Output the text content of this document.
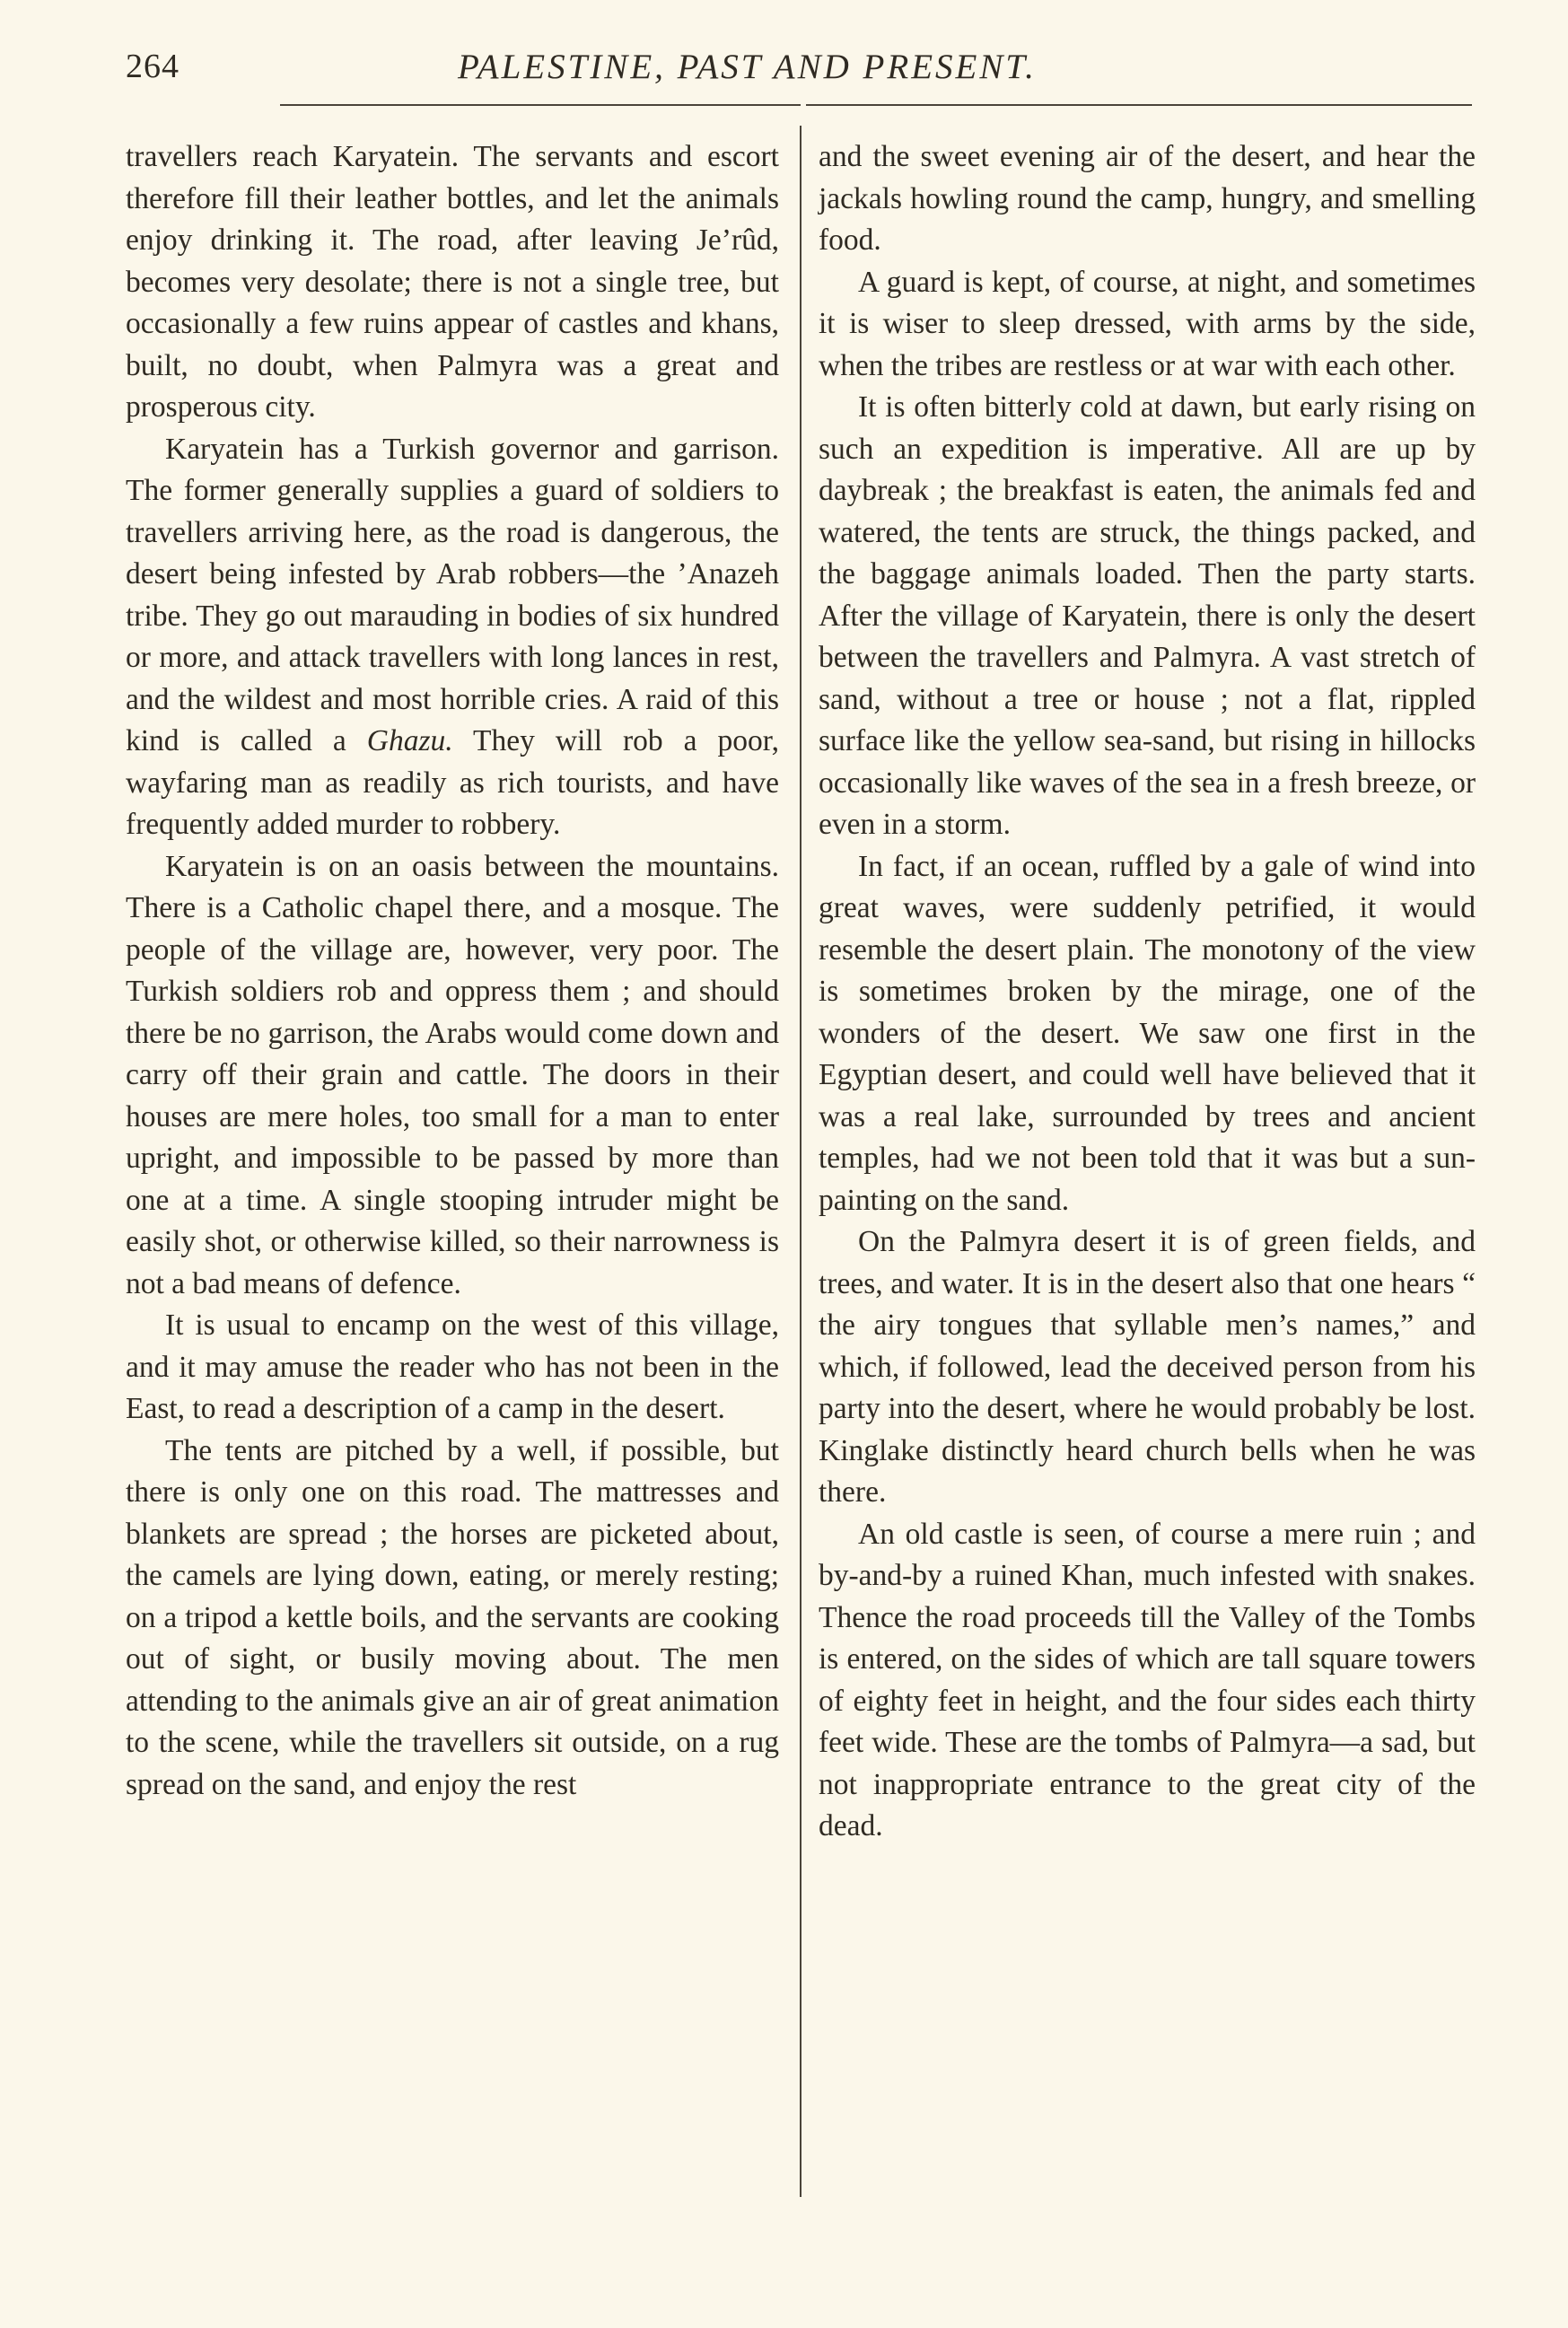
264	PALESTINE, PAST AND PRESENT.

travellers reach Karyatein. The servants and escort therefore fill their leather bottles, and let the animals enjoy drinking it. The road, after leaving Je’rûd, becomes very desolate; there is not a single tree, but occasionally a few ruins appear of castles and khans, built, no doubt, when Palmyra was a great and prosperous city.

Karyatein has a Turkish governor and garrison. The former generally supplies a guard of soldiers to travellers arriving here, as the road is dangerous, the desert being infested by Arab robbers—the ’Anazeh tribe. They go out marauding in bodies of six hundred or more, and attack travellers with long lances in rest, and the wildest and most horrible cries. A raid of this kind is called a Ghazu. They will rob a poor, wayfaring man as readily as rich tourists, and have frequently added murder to robbery.

Karyatein is on an oasis between the mountains. There is a Catholic chapel there, and a mosque. The people of the village are, however, very poor. The Turkish soldiers rob and oppress them ; and should there be no garrison, the Arabs would come down and carry off their grain and cattle. The doors in their houses are mere holes, too small for a man to enter upright, and impossible to be passed by more than one at a time. A single stooping intruder might be easily shot, or otherwise killed, so their narrowness is not a bad means of defence.

It is usual to encamp on the west of this village, and it may amuse the reader who has not been in the East, to read a description of a camp in the desert.

The tents are pitched by a well, if possible, but there is only one on this road. The mattresses and blankets are spread ; the horses are picketed about, the camels are lying down, eating, or merely resting; on a tripod a kettle boils, and the servants are cooking out of sight, or busily moving about. The men attending to the animals give an air of great animation to the scene, while the travellers sit outside, on a rug spread on the sand, and enjoy the rest

and the sweet evening air of the desert, and hear the jackals howling round the camp, hungry, and smelling food.

A guard is kept, of course, at night, and sometimes it is wiser to sleep dressed, with arms by the side, when the tribes are restless or at war with each other.

It is often bitterly cold at dawn, but early rising on such an expedition is imperative. All are up by daybreak ; the breakfast is eaten, the animals fed and watered, the tents are struck, the things packed, and the baggage animals loaded. Then the party starts. After the village of Karyatein, there is only the desert between the travellers and Palmyra. A vast stretch of sand, without a tree or house ; not a flat, rippled surface like the yellow sea-sand, but rising in hillocks occasionally like waves of the sea in a fresh breeze, or even in a storm.

In fact, if an ocean, ruffled by a gale of wind into great waves, were suddenly petrified, it would resemble the desert plain. The monotony of the view is sometimes broken by the mirage, one of the wonders of the desert. We saw one first in the Egyptian desert, and could well have believed that it was a real lake, surrounded by trees and ancient temples, had we not been told that it was but a sun-painting on the sand.

On the Palmyra desert it is of green fields, and trees, and water. It is in the desert also that one hears “ the airy tongues that syllable men’s names,” and which, if followed, lead the deceived person from his party into the desert, where he would probably be lost. Kinglake distinctly heard church bells when he was there.

An old castle is seen, of course a mere ruin ; and by-and-by a ruined Khan, much infested with snakes. Thence the road proceeds till the Valley of the Tombs is entered, on the sides of which are tall square towers of eighty feet in height, and the four sides each thirty feet wide. These are the tombs of Palmyra—a sad, but not inappropriate entrance to the great city of the dead.
